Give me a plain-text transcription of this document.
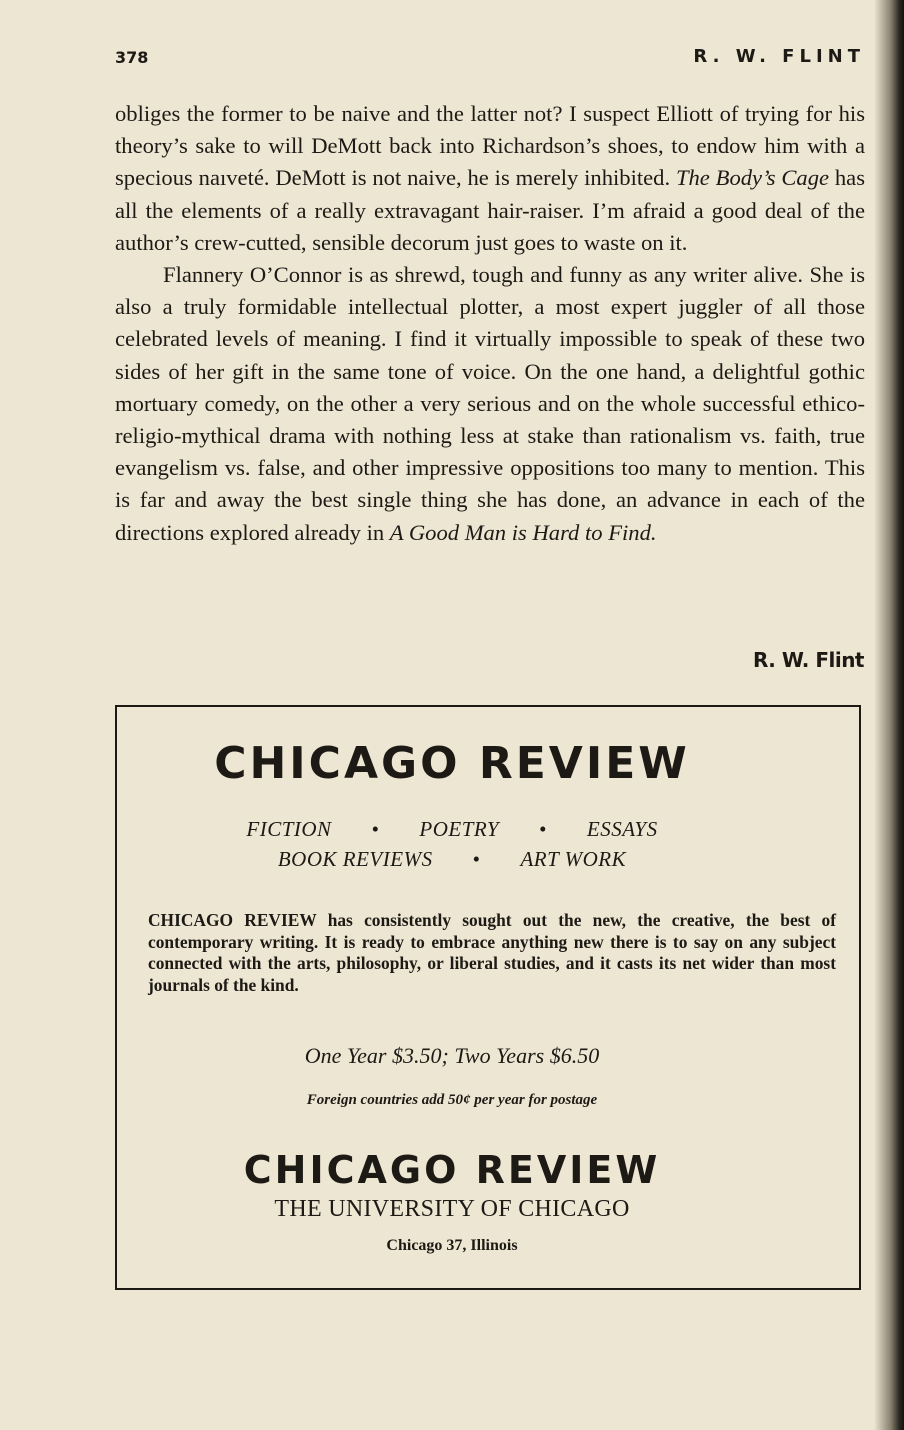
378	R. W. FLINT

obliges the former to be naive and the latter not? I suspect Elliott of trying for his theory’s sake to will DeMott back into Richardson’s shoes, to endow him with a specious naıveté. DeMott is not naive, he is merely inhibited. The Body’s Cage has all the elements of a really extravagant hair-raiser. I’m afraid a good deal of the author’s crew-cutted, sensible decorum just goes to waste on it.

Flannery O’Connor is as shrewd, tough and funny as any writer alive. She is also a truly formidable intellectual plotter, a most expert juggler of all those celebrated levels of meaning. I find it virtually impossible to speak of these two sides of her gift in the same tone of voice. On the one hand, a delightful gothic mortuary comedy, on the other a very serious and on the whole successful ethico-religio-mythical drama with nothing less at stake than rationalism vs. faith, true evangelism vs. false, and other impressive oppositions too many to mention. This is far and away the best single thing she has done, an advance in each of the directions explored already in A Good Man is Hard to Find.

R. W. Flint
CHICAGO REVIEW
FICTION • POETRY • ESSAYS
BOOK REVIEWS • ART WORK

CHICAGO REVIEW has consistently sought out the new, the creative, the best of contemporary writing. It is ready to embrace anything new there is to say on any subject connected with the arts, philosophy, or liberal studies, and it casts its net wider than most journals of the kind.

One Year $3.50; Two Years $6.50
Foreign countries add 50¢ per year for postage
CHICAGO REVIEW
THE UNIVERSITY OF CHICAGO
Chicago 37, Illinois
